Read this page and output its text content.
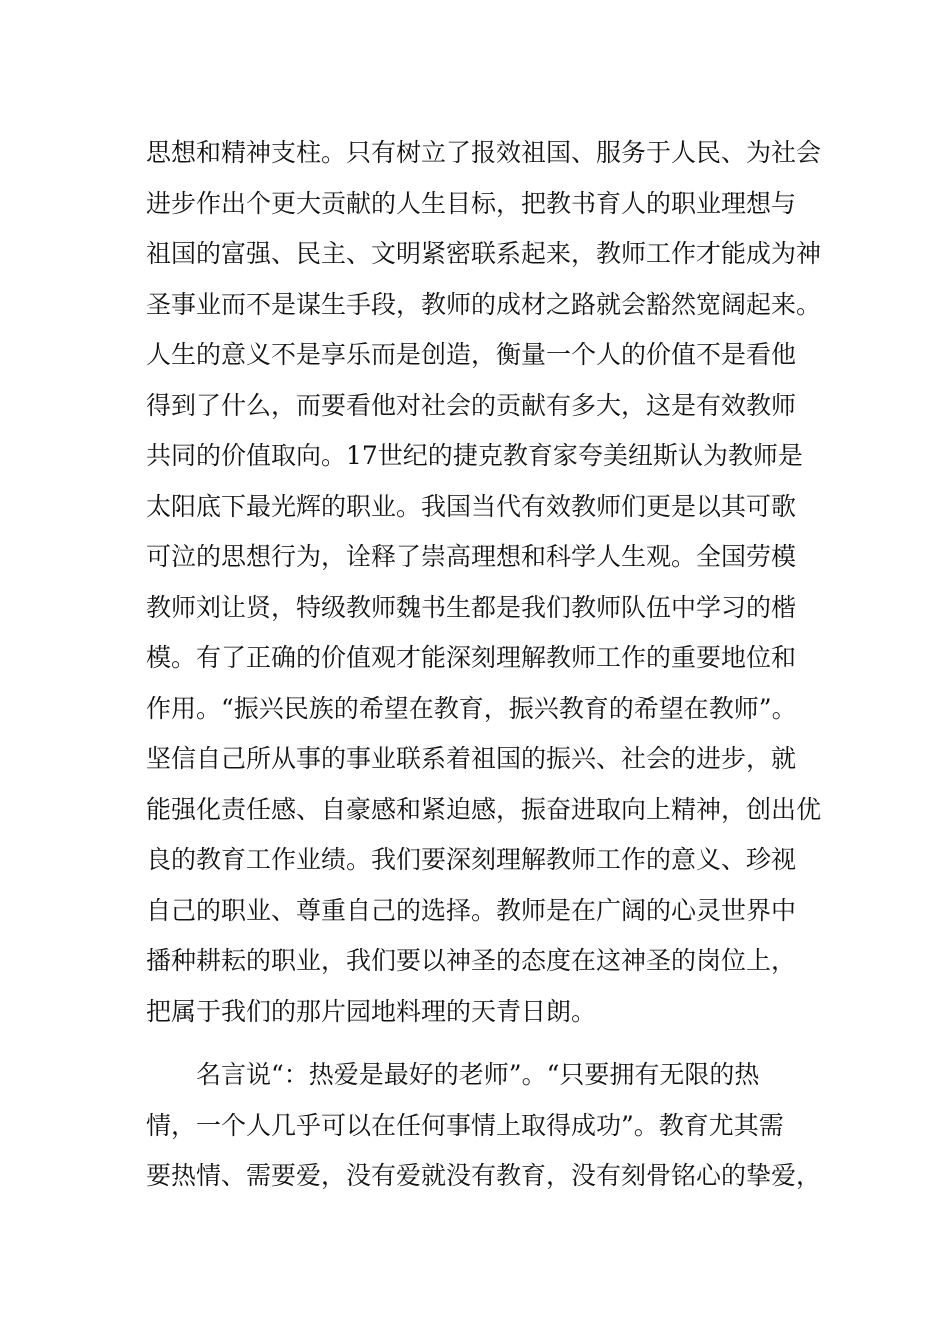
思想和精神支柱。只有树立了报效祖国、服务于人民、为社会
进步作出个更大贡献的人生目标，把教书育人的职业理想与
祖国的富强、民主、文明紧密联系起来，教师工作才能成为神
圣事业而不是谋生手段，教师的成材之路就会豁然宽阔起来。
人生的意义不是享乐而是创造，衡量一个人的价值不是看他
得到了什么，而要看他对社会的贡献有多大，这是有效教师
共同的价值取向。17世纪的捷克教育家夸美纽斯认为教师是
太阳底下最光辉的职业。我国当代有效教师们更是以其可歌
可泣的思想行为，诠释了崇高理想和科学人生观。全国劳模
教师刘让贤，特级教师魏书生都是我们教师队伍中学习的楷
模。有了正确的价值观才能深刻理解教师工作的重要地位和
作用。“振兴民族的希望在教育，振兴教育的希望在教师”。
坚信自己所从事的事业联系着祖国的振兴、社会的进步，就
能强化责任感、自豪感和紧迫感，振奋进取向上精神，创出优
良的教育工作业绩。我们要深刻理解教师工作的意义、珍视
自己的职业、尊重自己的选择。教师是在广阔的心灵世界中
播种耕耘的职业，我们要以神圣的态度在这神圣的岗位上，
把属于我们的那片园地料理的天青日朗。
名言说“：热爱是最好的老师”。“只要拥有无限的热
情，一个人几乎可以在任何事情上取得成功”。教育尤其需
要热情、需要爱，没有爱就没有教育，没有刻骨铭心的挚爱，
